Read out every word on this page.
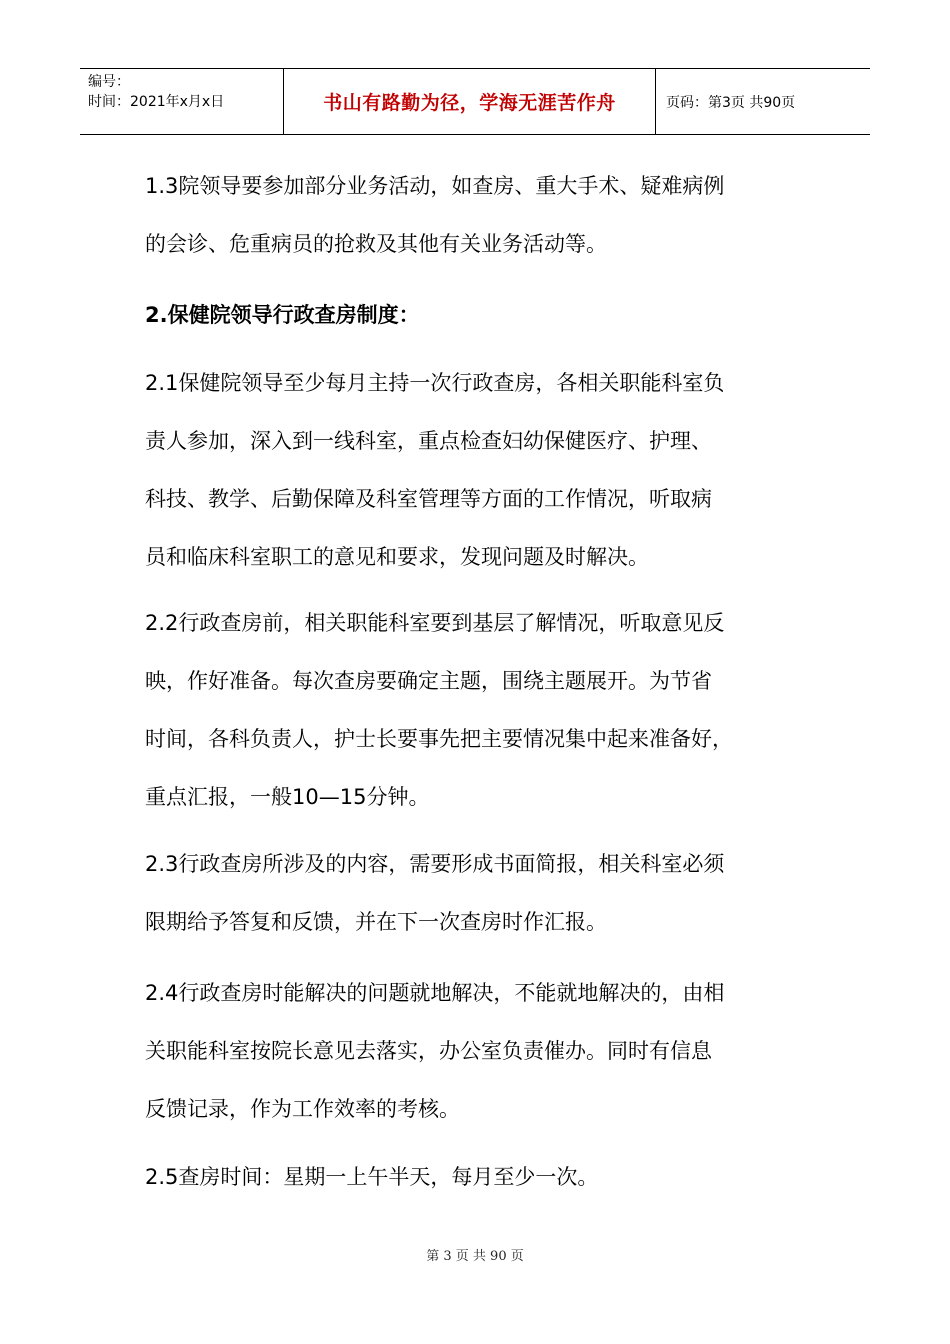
编号：
时间：2021年x月x日	书山有路勤为径，学海无涯苦作舟	页码：第3页 共90页
1.3院领导要参加部分业务活动，如查房、重大手术、疑难病例
的会诊、危重病员的抢救及其他有关业务活动等。
2.保健院领导行政查房制度：
2.1保健院领导至少每月主持一次行政查房，各相关职能科室负
责人参加，深入到一线科室，重点检查妇幼保健医疗、护理、
科技、教学、后勤保障及科室管理等方面的工作情况，听取病
员和临床科室职工的意见和要求，发现问题及时解决。
2.2行政查房前，相关职能科室要到基层了解情况，听取意见反
映，作好准备。每次查房要确定主题，围绕主题展开。为节省
时间，各科负责人，护士长要事先把主要情况集中起来准备好，
重点汇报，一般10—15分钟。
2.3行政查房所涉及的内容，需要形成书面简报，相关科室必须
限期给予答复和反馈，并在下一次查房时作汇报。
2.4行政查房时能解决的问题就地解决，不能就地解决的，由相
关职能科室按院长意见去落实，办公室负责催办。同时有信息
反馈记录，作为工作效率的考核。
2.5查房时间：星期一上午半天，每月至少一次。
第 3 页 共 90 页
